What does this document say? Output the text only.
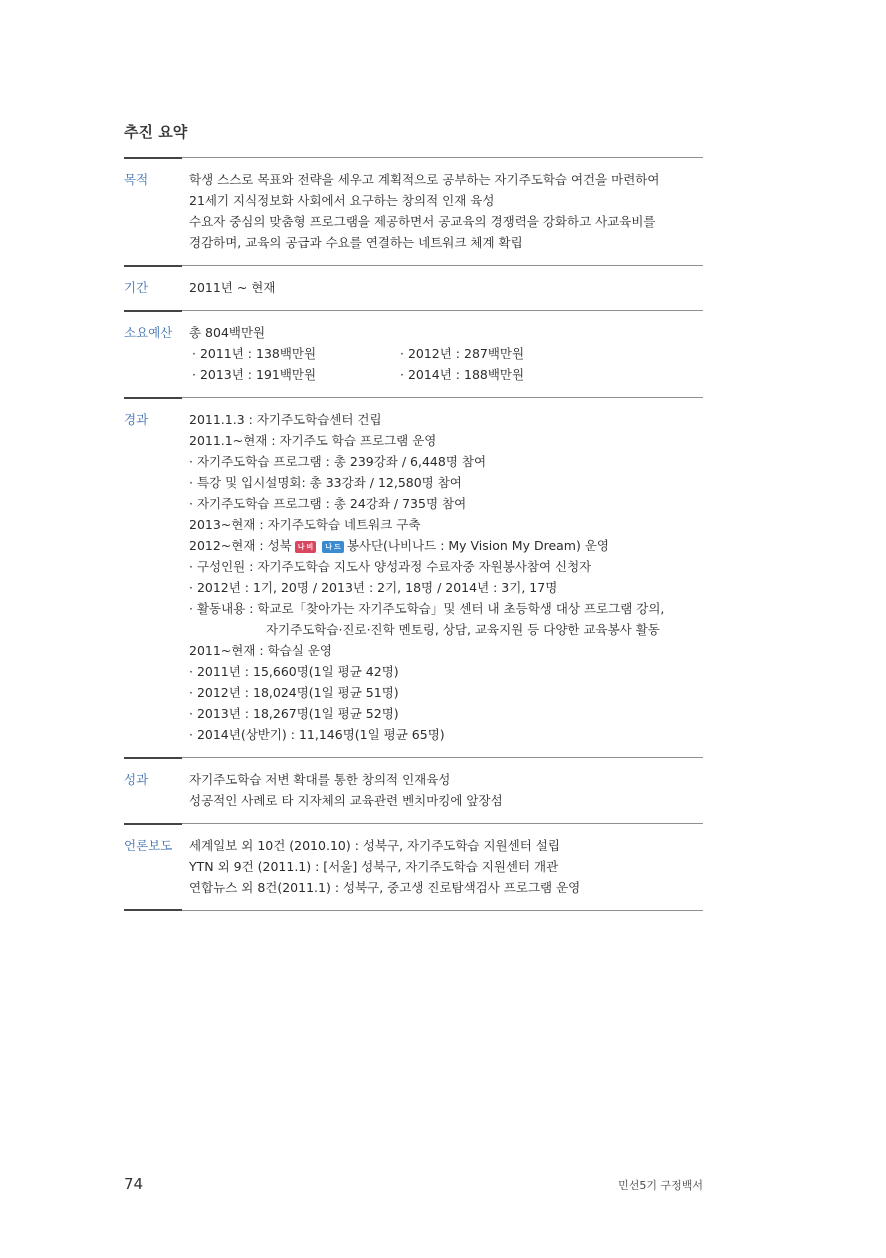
추진 요약
목적	학생 스스로 목표와 전략을 세우고 계획적으로 공부하는 자기주도학습 여건을 마련하여
21세기 지식정보화 사회에서 요구하는 창의적 인재 육성
수요자 중심의 맞춤형 프로그램을 제공하면서 공교육의 경쟁력을 강화하고 사교육비를
경감하며, 교육의 공급과 수요를 연결하는 네트워크 체계 확립
기간	2011년 ~ 현재
소요예산 총 804백만원
· 2011년 : 138백만원	· 2012년 : 287백만원
· 2013년 : 191백만원	· 2014년 : 188백만원
경과	2011.1.3 : 자기주도학습센터 건립
2011.1~현재 : 자기주도 학습 프로그램 운영
· 자기주도학습 프로그램 : 총 239강좌 / 6,448명 참여
· 특강 및 입시설명회: 총 33강좌 / 12,580명 참여
· 자기주도학습 프로그램 : 총 24강좌 / 735명 참여
2013~현재 : 자기주도학습 네트워크 구축
2012~현재 : 성북 나 비 나 드 봉사단(나비나드 : My Vision My Dream) 운영
· 구성인원 : 자기주도학습 지도사 양성과정 수료자중 자원봉사참여 신청자
· 2012년 : 1기, 20명 / 2013년 : 2기, 18명 / 2014년 : 3기, 17명
· 활동내용 : 학교로「찾아가는 자기주도학습」및 센터 내 초등학생 대상 프로그램 강의,
자기주도학습·진로·진학 멘토링, 상담, 교육지원 등 다양한 교육봉사 활동
2011~현재 : 학습실 운영
· 2011년 : 15,660명(1일 평균 42명)
· 2012년 : 18,024명(1일 평균 51명)
· 2013년 : 18,267명(1일 평균 52명)
· 2014년(상반기) : 11,146명(1일 평균 65명)
성과	자기주도학습 저변 확대를 통한 창의적 인재육성
성공적인 사례로 타 지자체의 교육관련 벤치마킹에 앞장섬
언론보도 세계일보 외 10건 (2010.10) : 성북구, 자기주도학습 지원센터 설립
YTN 외 9건 (2011.1) : [서울] 성북구, 자기주도학습 지원센터 개관
연합뉴스 외 8건(2011.1) : 성북구, 중고생 진로탐색검사 프로그램 운영
74	민선5기 구정백서
